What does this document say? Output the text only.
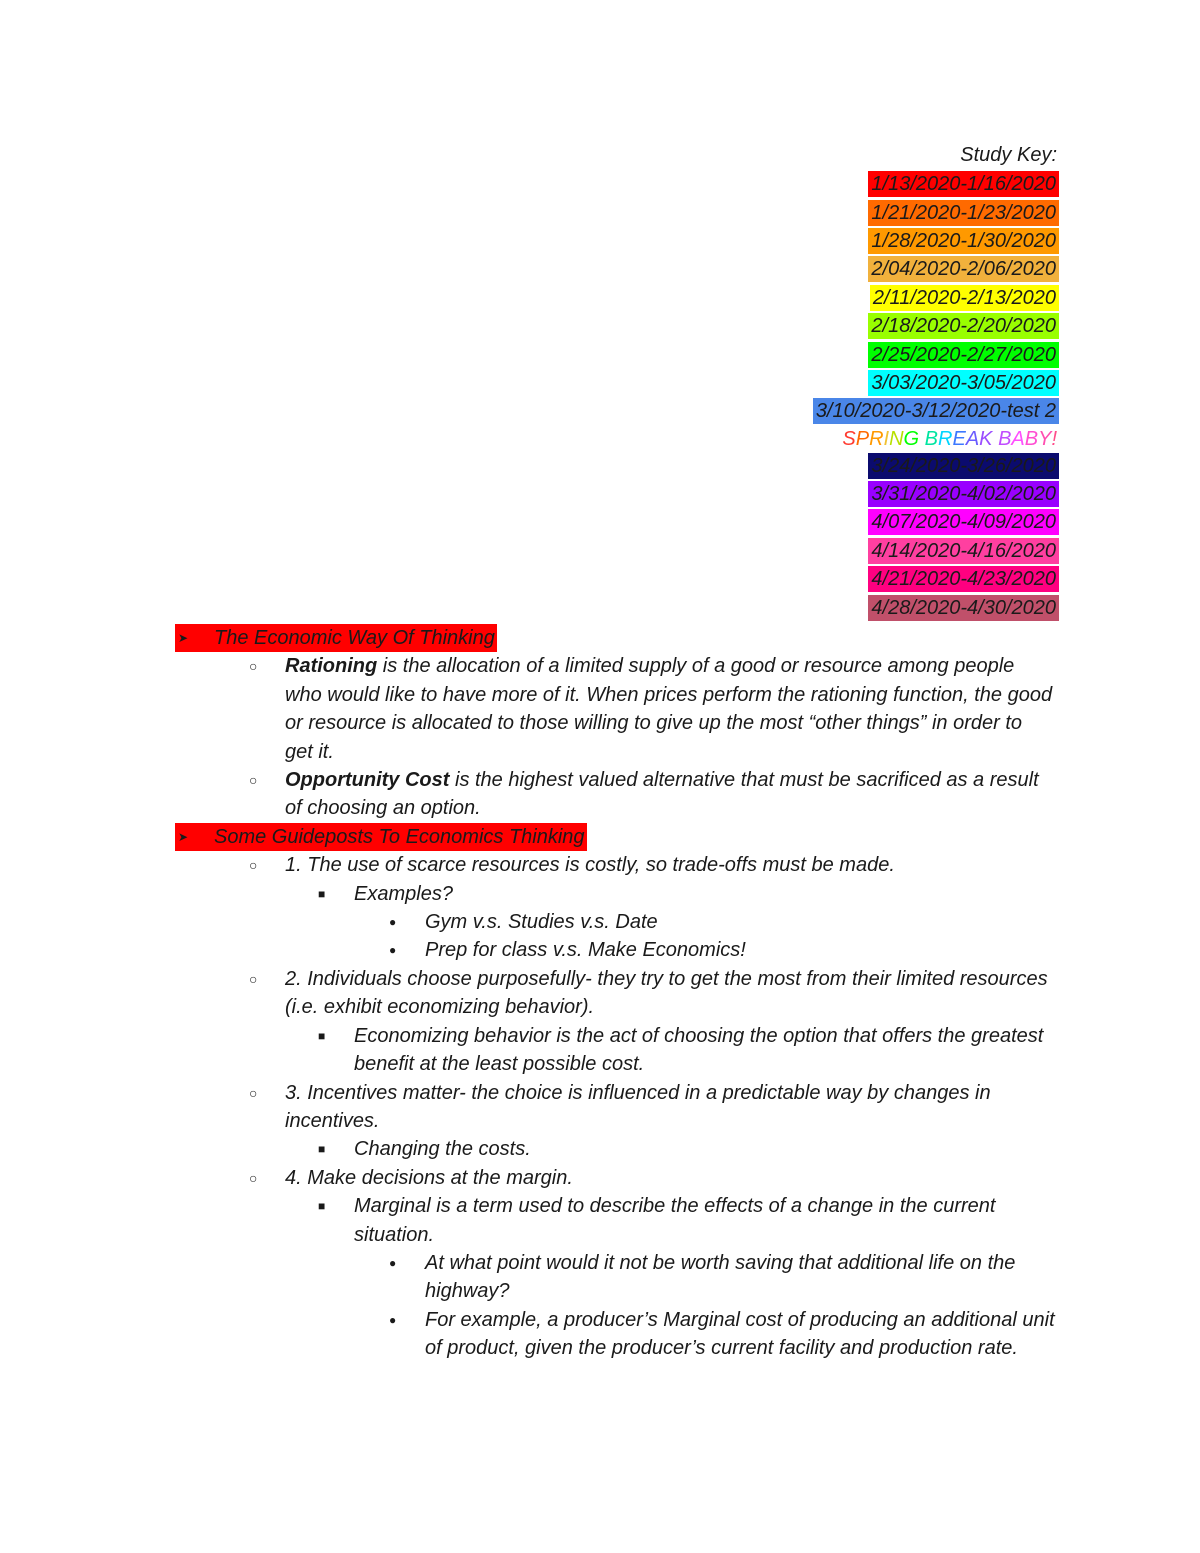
Study Key:
1/13/2020-1/16/2020
1/21/2020-1/23/2020
1/28/2020-1/30/2020
2/04/2020-2/06/2020
2/11/2020-2/13/2020
2/18/2020-2/20/2020
2/25/2020-2/27/2020
3/03/2020-3/05/2020
3/10/2020-3/12/2020-test 2
SPRING BREAK BABY!
3/24/2020-3/26/2020
3/31/2020-4/02/2020
4/07/2020-4/09/2020
4/14/2020-4/16/2020
4/21/2020-4/23/2020
4/28/2020-4/30/2020
➤	The Economic Way Of Thinking
○	Rationing is the allocation of a limited supply of a good or resource among people who would like to have more of it. When prices perform the rationing function, the good or resource is allocated to those willing to give up the most “other things” in order to get it.
○	Opportunity Cost is the highest valued alternative that must be sacrificed as a result of choosing an option.
➤	Some Guideposts To Economics Thinking
○	1. The use of scarce resources is costly, so trade-offs must be made.
■	Examples?
●	Gym v.s. Studies v.s. Date
●	Prep for class v.s. Make Economics!
○	2. Individuals choose purposefully- they try to get the most from their limited resources (i.e. exhibit economizing behavior).
■	Economizing behavior is the act of choosing the option that offers the greatest benefit at the least possible cost.
○	3. Incentives matter- the choice is influenced in a predictable way by changes in incentives.
■	Changing the costs.
○	4. Make decisions at the margin.
■	Marginal is a term used to describe the effects of a change in the current situation.
●	At what point would it not be worth saving that additional life on the highway?
●	For example, a producer’s Marginal cost of producing an additional unit of product, given the producer’s current facility and production rate.
